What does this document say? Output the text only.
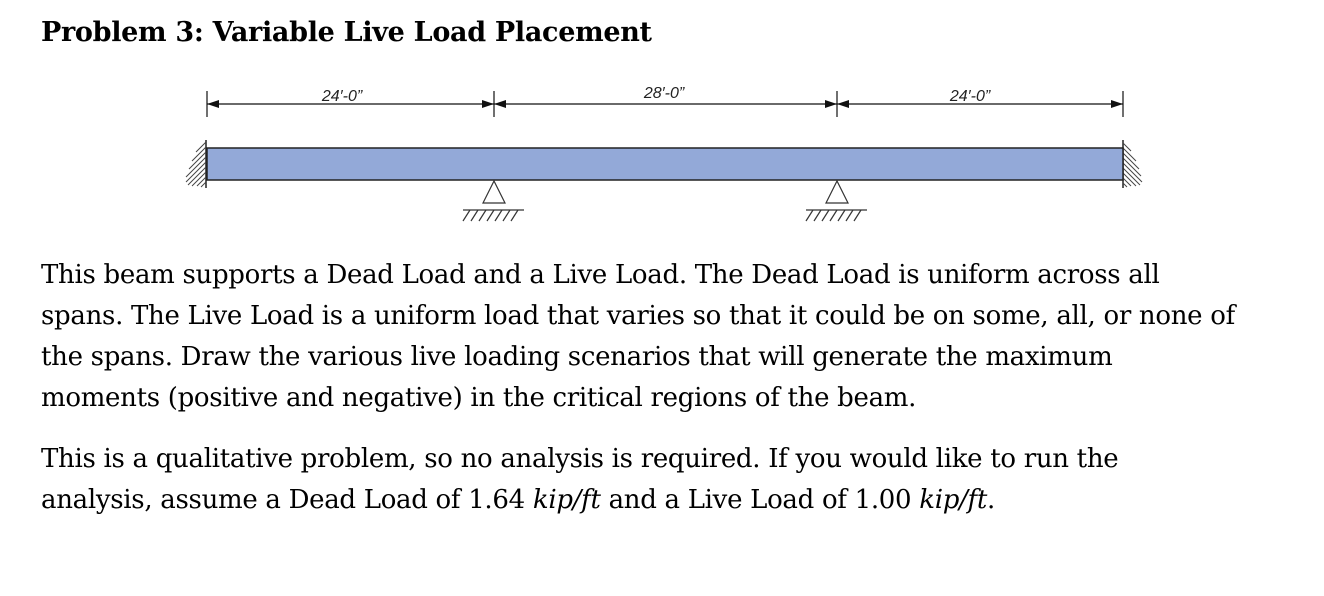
Problem 3: Variable Live Load Placement
24′-0”	28′-0”	24′-0”

This beam supports a Dead Load and a Live Load. The Dead Load is uniform across all
spans. The Live Load is a uniform load that varies so that it could be on some, all, or none of
the spans. Draw the various live loading scenarios that will generate the maximum
moments (positive and negative) in the critical regions of the beam.

This is a qualitative problem, so no analysis is required. If you would like to run the
analysis, assume a Dead Load of 1.64 kip/ft and a Live Load of 1.00 kip/ft.
